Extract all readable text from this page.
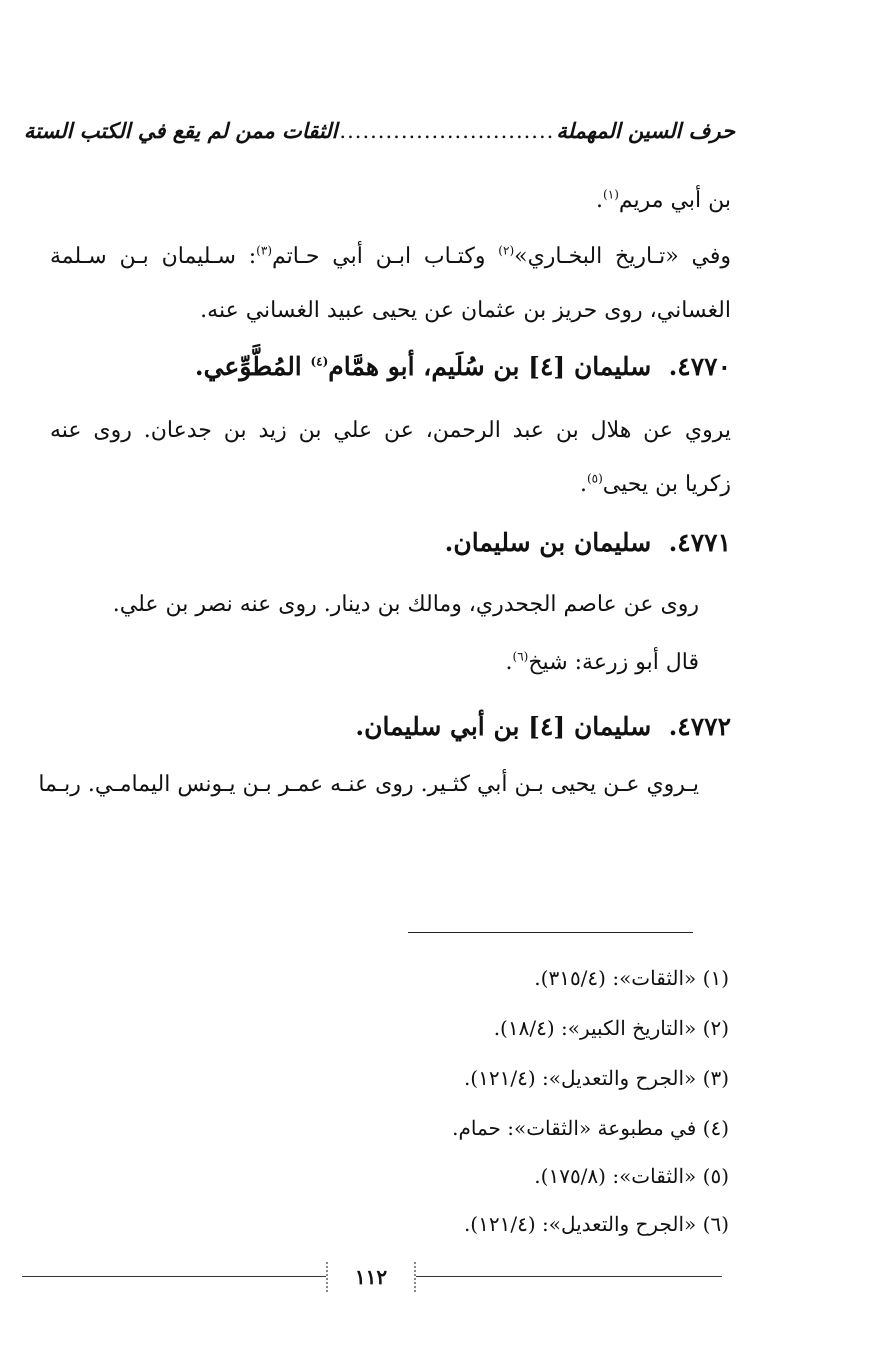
حرف السين المهملة
............................
الثقات ممن لم يقع في الكتب الستة
بن أبي مريم$^{(١)}$.
وفي «تـاريخ البخـاري»$^{(٢)}$ وكتـاب ابـن أبي حـاتم$^{(٣)}$: سـليمان بـن سـلمة
الغساني، روى حريز بن عثمان عن يحيى عبيد الغساني عنه.
٤٧٧٠.  سليمان [٤] بن سُلَيم، أبو همَّام$^{(٤)}$ المُطَّوِّعي.
يروي عن هلال بن عبد الرحمن، عن علي بن زيد بن جدعان. روى عنه
زكريا بن يحيى$^{(٥)}$.
٤٧٧١.  سليمان بن سليمان.
روى عن عاصم الجحدري، ومالك بن دينار. روى عنه نصر بن علي.
قال أبو زرعة: شيخ$^{(٦)}$.
٤٧٧٢.  سليمان [٤] بن أبي سليمان.
يـروي عـن يحيى بـن أبي كثـير. روى عنـه عمـر بـن يـونس اليمامـي. ربـما
(١) «الثقات»: (٣١٥/٤).
(٢) «التاريخ الكبير»: (١٨/٤).
(٣) «الجرح والتعديل»: (١٢١/٤).
(٤) في مطبوعة «الثقات»: حمام.
(٥) «الثقات»: (١٧٥/٨).
(٦) «الجرح والتعديل»: (١٢١/٤).
١١٢
